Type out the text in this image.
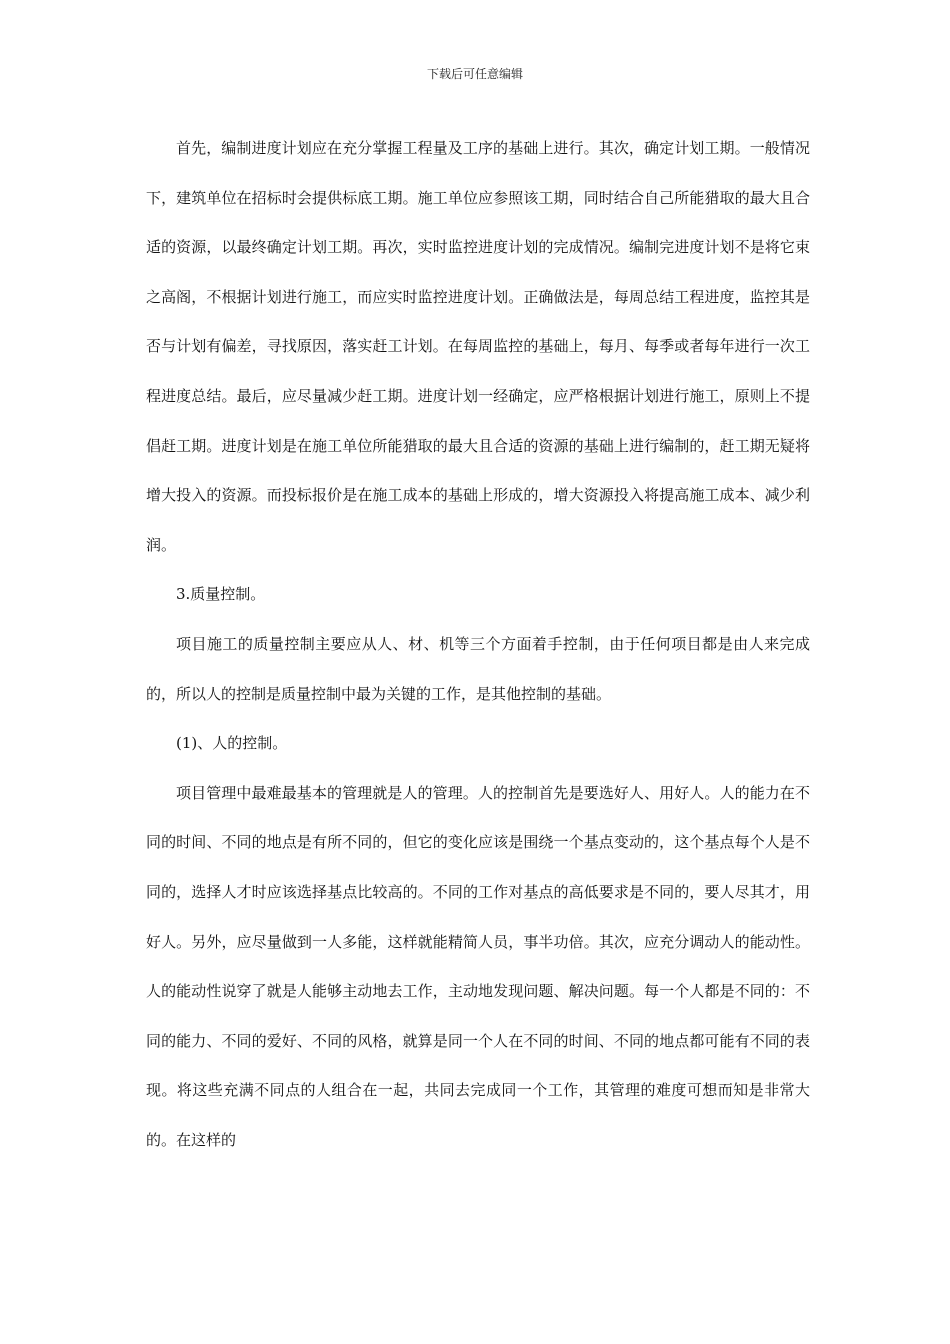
下载后可任意编辑

首先，编制进度计划应在充分掌握工程量及工序的基础上进行。其次，确定计划工期。一般情况下，建筑单位在招标时会提供标底工期。施工单位应参照该工期，同时结合自己所能猎取的最大且合适的资源，以最终确定计划工期。再次，实时监控进度计划的完成情况。编制完进度计划不是将它束之高阁，不根据计划进行施工，而应实时监控进度计划。正确做法是，每周总结工程进度，监控其是否与计划有偏差，寻找原因，落实赶工计划。在每周监控的基础上，每月、每季或者每年进行一次工程进度总结。最后，应尽量减少赶工期。进度计划一经确定，应严格根据计划进行施工，原则上不提倡赶工期。进度计划是在施工单位所能猎取的最大且合适的资源的基础上进行编制的，赶工期无疑将增大投入的资源。而投标报价是在施工成本的基础上形成的，增大资源投入将提高施工成本、减少利润。

3.质量控制。

项目施工的质量控制主要应从人、材、机等三个方面着手控制，由于任何项目都是由人来完成的，所以人的控制是质量控制中最为关键的工作，是其他控制的基础。

(1)、人的控制。

项目管理中最难最基本的管理就是人的管理。人的控制首先是要选好人、用好人。人的能力在不同的时间、不同的地点是有所不同的，但它的变化应该是围绕一个基点变动的，这个基点每个人是不同的，选择人才时应该选择基点比较高的。不同的工作对基点的高低要求是不同的，要人尽其才，用好人。另外，应尽量做到一人多能，这样就能精简人员，事半功倍。其次，应充分调动人的能动性。人的能动性说穿了就是人能够主动地去工作，主动地发现问题、解决问题。每一个人都是不同的：不同的能力、不同的爱好、不同的风格，就算是同一个人在不同的时间、不同的地点都可能有不同的表现。将这些充满不同点的人组合在一起，共同去完成同一个工作，其管理的难度可想而知是非常大的。在这样的
